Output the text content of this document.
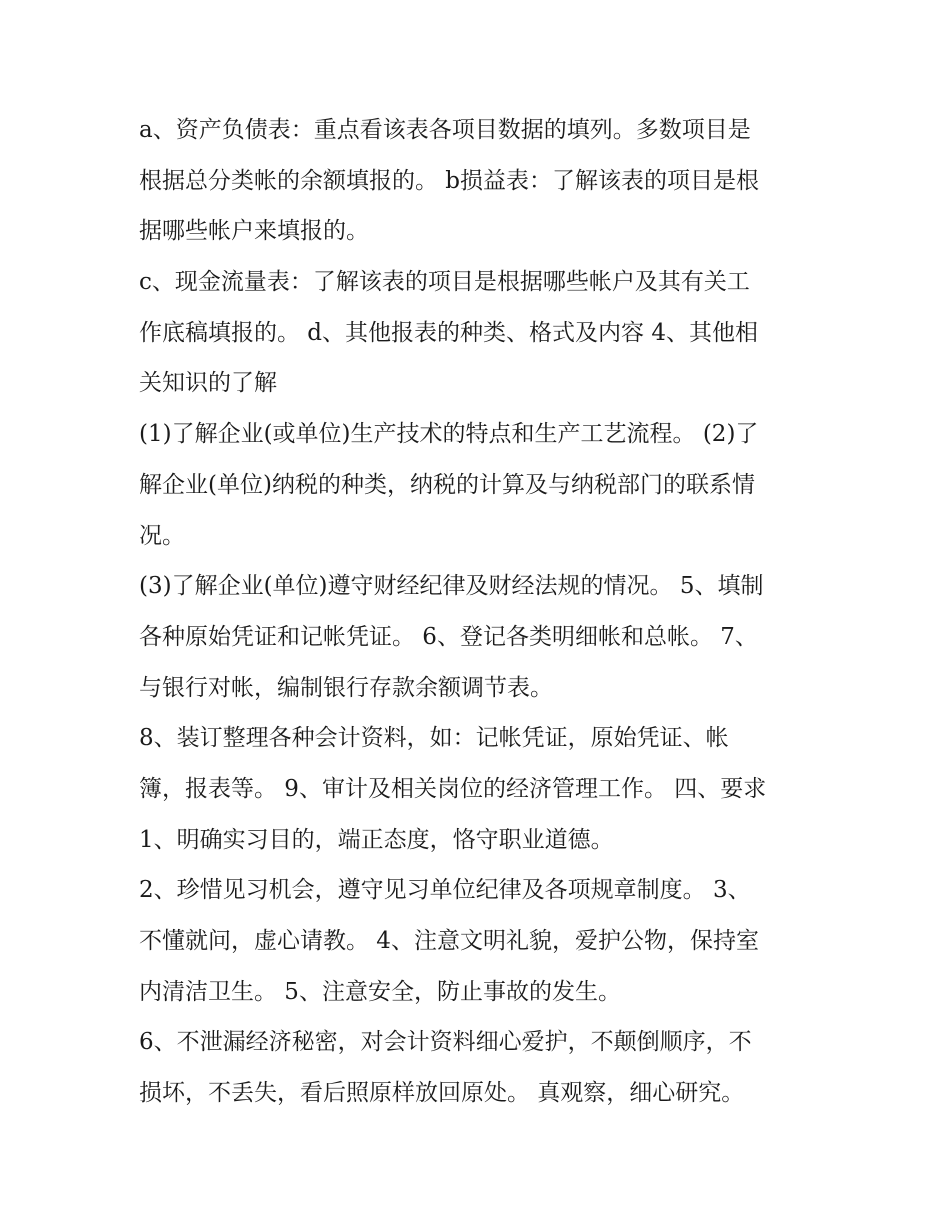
a、资产负债表：重点看该表各项目数据的填列。多数项目是
根据总分类帐的余额填报的。 b损益表：了解该表的项目是根
据哪些帐户来填报的。

c、现金流量表：了解该表的项目是根据哪些帐户及其有关工
作底稿填报的。 d、其他报表的种类、格式及内容 4、其他相
关知识的了解

(1)了解企业(或单位)生产技术的特点和生产工艺流程。 (2)了
解企业(单位)纳税的种类，纳税的计算及与纳税部门的联系情
况。

(3)了解企业(单位)遵守财经纪律及财经法规的情况。 5、填制
各种原始凭证和记帐凭证。 6、登记各类明细帐和总帐。 7、
与银行对帐，编制银行存款余额调节表。

8、装订整理各种会计资料，如：记帐凭证，原始凭证、帐
簿，报表等。 9、审计及相关岗位的经济管理工作。 四、要求
1、明确实习目的，端正态度，恪守职业道德。

2、珍惜见习机会，遵守见习单位纪律及各项规章制度。 3、
不懂就问，虚心请教。 4、注意文明礼貌，爱护公物，保持室
内清洁卫生。 5、注意安全，防止事故的发生。

6、不泄漏经济秘密，对会计资料细心爱护，不颠倒顺序，不
损坏，不丢失，看后照原样放回原处。 真观察，细心研究。
